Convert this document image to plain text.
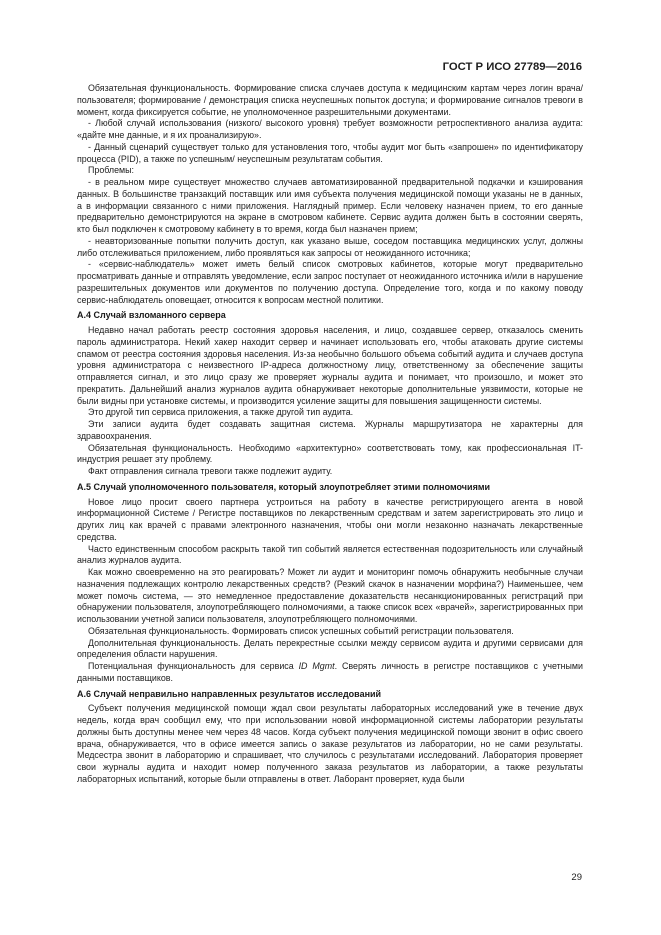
ГОСТ Р ИСО 27789—2016

Обязательная функциональность. Формирование списка случаев доступа к медицинским картам через логин врача/ пользователя; формирование / демонстрация списка неуспешных попыток доступа; и формирование сигналов тревоги в момент, когда фиксируется событие, не уполномоченное разрешительными документами.

- Любой случай использования (низкого/ высокого уровня) требует возможности ретроспективного анализа аудита: «дайте мне данные, и я их проанализирую».

- Данный сценарий существует только для установления того, чтобы аудит мог быть «запрошен» по идентификатору процесса (PID), а также по успешным/ неуспешным результатам события.

Проблемы:

- в реальном мире существует множество случаев автоматизированной предварительной подкачки и кэширования данных. В большинстве транзакций поставщик или имя субъекта получения медицинской помощи указаны не в данных, а в информации связанного с ними приложения. Наглядный пример. Если человеку назначен прием, то его данные предварительно демонстрируются на экране в смотровом кабинете. Сервис аудита должен быть в состоянии сверять, кто был подключен к смотровому кабинету в то время, когда был назначен прием;

- неавторизованные попытки получить доступ, как указано выше, соседом поставщика медицинских услуг, должны либо отслеживаться приложением, либо проявляться как запросы от неожиданного источника;

- «сервис-наблюдатель» может иметь белый список смотровых кабинетов, которые могут предварительно просматривать данные и отправлять уведомление, если запрос поступает от неожиданного источника и/или в нарушение разрешительных документов или документов по получению доступа. Определение того, когда и по какому поводу сервис-наблюдатель оповещает, относится к вопросам местной политики.

А.4 Случай взломанного сервера

Недавно начал работать реестр состояния здоровья населения, и лицо, создавшее сервер, отказалось сменить пароль администратора. Некий хакер находит сервер и начинает использовать его, чтобы атаковать другие системы спамом от реестра состояния здоровья населения. Из-за необычно большого объема событий аудита и случаев доступа уровня администратора с неизвестного IP-адреса должностному лицу, ответственному за обеспечение защиты отправляется сигнал, и это лицо сразу же проверяет журналы аудита и понимает, что произошло, и может это прекратить. Дальнейший анализ журналов аудита обнаруживает некоторые дополнительные уязвимости, которые не были видны при установке системы, и производится усиление защиты для повышения защищенности системы.

Это другой тип сервиса приложения, а также другой тип аудита.

Эти записи аудита будет создавать защитная система. Журналы маршрутизатора не характерны для здравоохранения.

Обязательная функциональность. Необходимо «архитектурно» соответствовать тому, как профессиональная IT-индустрия решает эту проблему.

Факт отправления сигнала тревоги также подлежит аудиту.

А.5 Случай уполномоченного пользователя, который злоупотребляет этими полномочиями

Новое лицо просит своего партнера устроиться на работу в качестве регистрирующего агента в новой информационной Системе / Регистре поставщиков по лекарственным средствам и затем зарегистрировать это лицо и других лиц как врачей с правами электронного назначения, чтобы они могли незаконно назначать лекарственные средства.

Часто единственным способом раскрыть такой тип событий является естественная подозрительность или случайный анализ журналов аудита.

Как можно своевременно на это реагировать? Может ли аудит и мониторинг помочь обнаружить необычные случаи назначения подлежащих контролю лекарственных средств? (Резкий скачок в назначении морфина?) Наименьшее, чем может помочь система, — это немедленное предоставление доказательств несанкционированных регистраций при обнаружении пользователя, злоупотребляющего полномочиями, а также список всех «врачей», зарегистрированных при использовании учетной записи пользователя, злоупотребляющего полномочиями.

Обязательная функциональность. Формировать список успешных событий регистрации пользователя.

Дополнительная функциональность. Делать перекрестные ссылки между сервисом аудита и другими сервисами для определения области нарушения.

Потенциальная функциональность для сервиса ID Mgmt. Сверять личность в регистре поставщиков с учетными данными поставщиков.

А.6 Случай неправильно направленных результатов исследований

Субъект получения медицинской помощи ждал свои результаты лабораторных исследований уже в течение двух недель, когда врач сообщил ему, что при использовании новой информационной системы лаборатории результаты должны быть доступны менее чем через 48 часов. Когда субъект получения медицинской помощи звонит в офис своего врача, обнаруживается, что в офисе имеется запись о заказе результатов из лаборатории, но не сами результаты. Медсестра звонит в лабораторию и спрашивает, что случилось с результатами исследований. Лаборатория проверяет свои журналы аудита и находит номер полученного заказа результатов из лаборатории, а также результаты лабораторных испытаний, которые были отправлены в ответ. Лаборант проверяет, куда были

29
